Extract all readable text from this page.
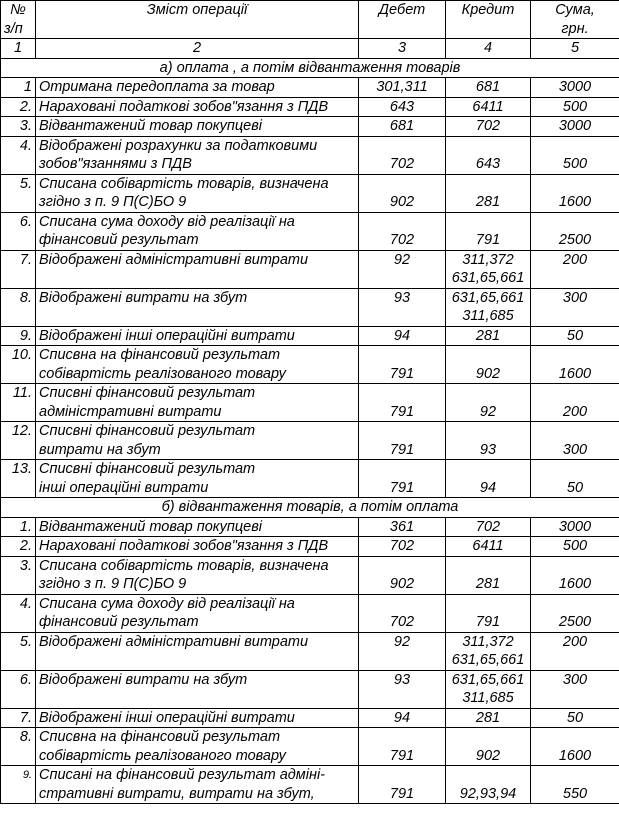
№	Зміст операції	Дебет	Кредит	Сума,
з/п				грн.
1	2	3	4	5
а) оплата , а потім відвантаження товарів				
1	Отримана передоплата за товар	301,311	681	3000
2.	Нараховані податкові зобов"язання з ПДВ	643	6411	500
3.	Відвантажений товар покупцеві	681	702	3000
4.	Відображені розрахунки за податковими			
	зобов"язаннями з ПДВ	702	643	500
5.	Списана собівартість товарів, визначена			
	згідно з п. 9 П(С)БО 9	902	281	1600
6.	Списана сума доходу від реалізації на			
	фінансовий результат	702	791	2500
7.	Відображені адміністративні витрати	92	311,372	200
			631,65,661	
8.	Відображені витрати на збут	93	631,65,661	300
			311,685	
9.	Відображені інші операційні витрати	94	281	50
10.	Списвна на фінансовий результат			
	собівартість реалізованого товару	791	902	1600
11.	Списвні фінансовий результат			
	адміністративні витрати	791	92	200
12.	Списвні фінансовий результат			
	витрати на збут	791	93	300
13.	Списвні фінансовий результат			
	інші операційні витрати	791	94	50
б) відвантаження товарів, а потім оплата				
1.	Відвантажений товар покупцеві	361	702	3000
2.	Нараховані податкові зобов"язання з ПДВ	702	6411	500
3.	Списана собівартість товарів, визначена			
	згідно з п. 9 П(С)БО 9	902	281	1600
4.	Списана сума доходу від реалізації на			
	фінансовий результат	702	791	2500
5.	Відображені адміністративні витрати	92	311,372	200
			631,65,661	
6.	Відображені витрати на збут	93	631,65,661	300
			311,685	
7.	Відображені інші операційні витрати	94	281	50
8.	Списвна на фінансовий результат			
	собівартість реалізованого товару	791	902	1600
9.	Списані на фінансовий результат адміні-			
	стративні витрати, витрати на збут,	791	92,93,94	550
